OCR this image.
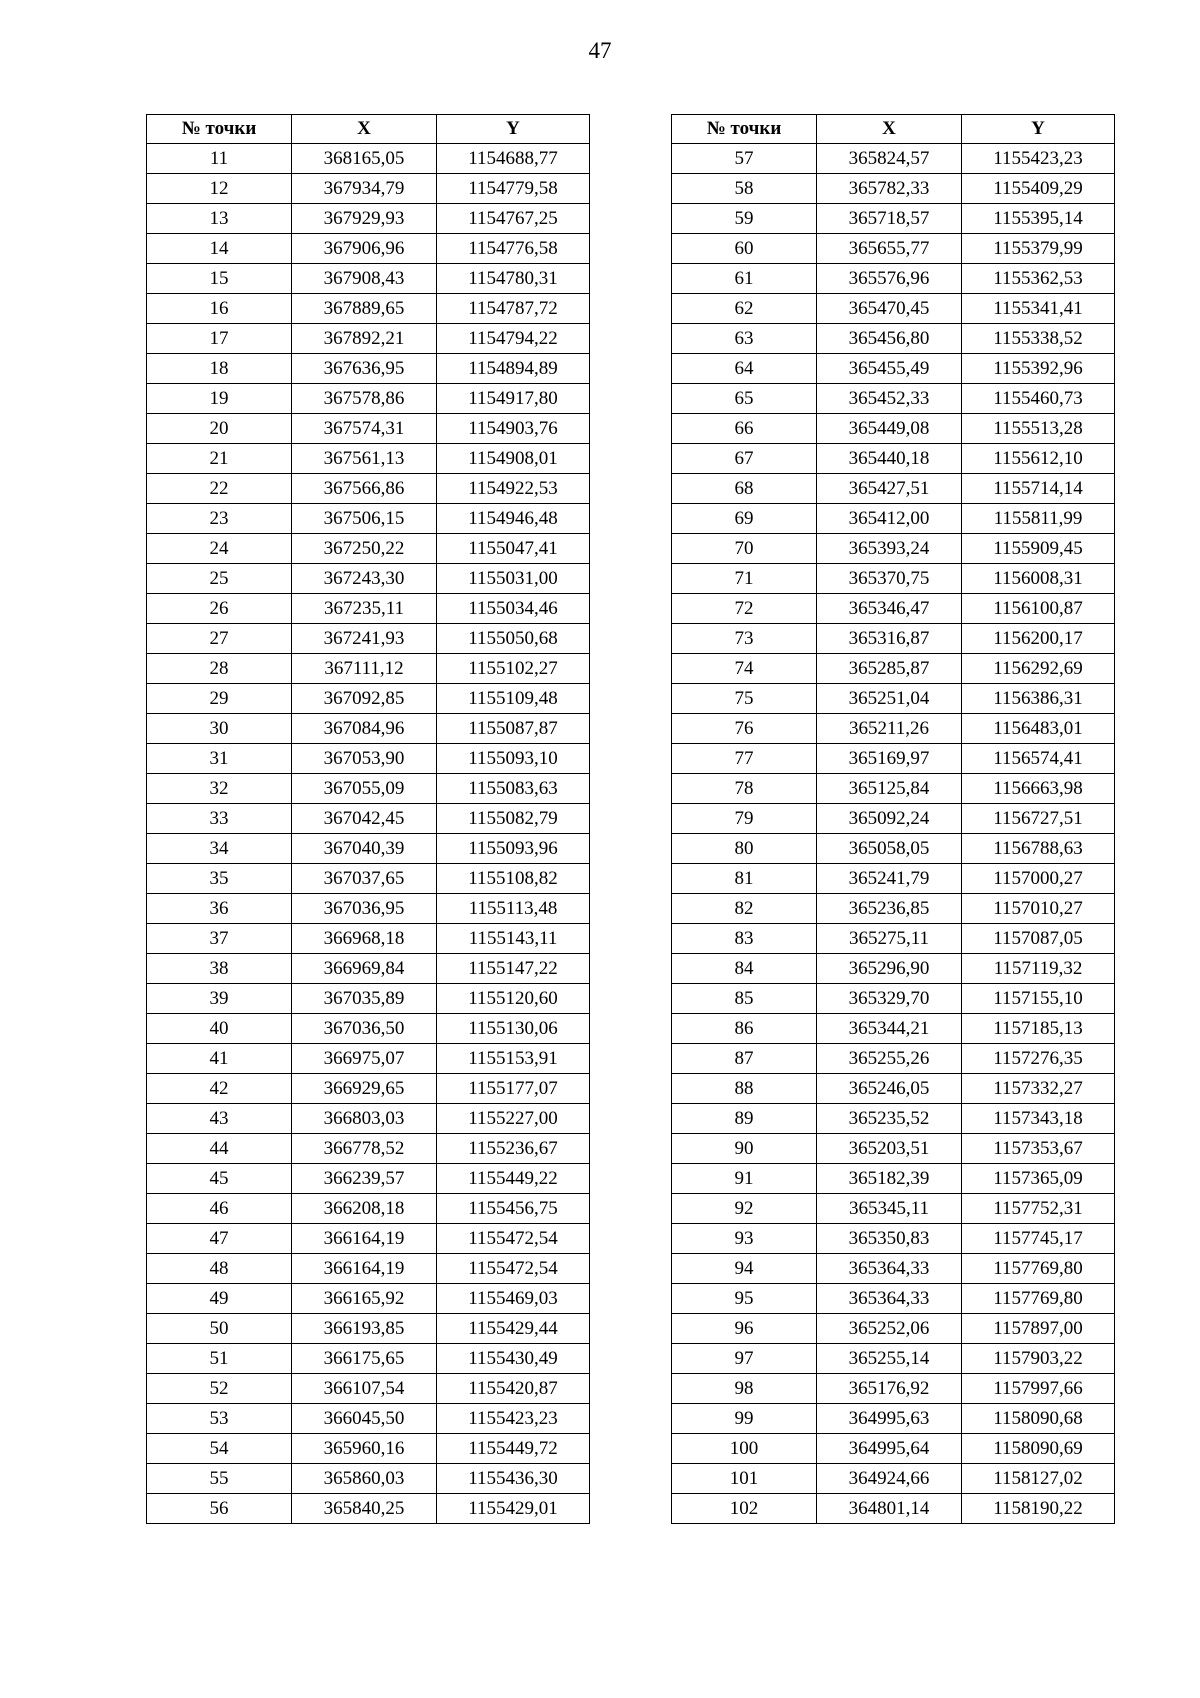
47
№ точки	X	Y
11	368165,05	1154688,77
12	367934,79	1154779,58
13	367929,93	1154767,25
14	367906,96	1154776,58
15	367908,43	1154780,31
16	367889,65	1154787,72
17	367892,21	1154794,22
18	367636,95	1154894,89
19	367578,86	1154917,80
20	367574,31	1154903,76
21	367561,13	1154908,01
22	367566,86	1154922,53
23	367506,15	1154946,48
24	367250,22	1155047,41
25	367243,30	1155031,00
26	367235,11	1155034,46
27	367241,93	1155050,68
28	367111,12	1155102,27
29	367092,85	1155109,48
30	367084,96	1155087,87
31	367053,90	1155093,10
32	367055,09	1155083,63
33	367042,45	1155082,79
34	367040,39	1155093,96
35	367037,65	1155108,82
36	367036,95	1155113,48
37	366968,18	1155143,11
38	366969,84	1155147,22
39	367035,89	1155120,60
40	367036,50	1155130,06
41	366975,07	1155153,91
42	366929,65	1155177,07
43	366803,03	1155227,00
44	366778,52	1155236,67
45	366239,57	1155449,22
46	366208,18	1155456,75
47	366164,19	1155472,54
48	366164,19	1155472,54
49	366165,92	1155469,03
50	366193,85	1155429,44
51	366175,65	1155430,49
52	366107,54	1155420,87
53	366045,50	1155423,23
54	365960,16	1155449,72
55	365860,03	1155436,30
56	365840,25	1155429,01
№ точки	X	Y
57	365824,57	1155423,23
58	365782,33	1155409,29
59	365718,57	1155395,14
60	365655,77	1155379,99
61	365576,96	1155362,53
62	365470,45	1155341,41
63	365456,80	1155338,52
64	365455,49	1155392,96
65	365452,33	1155460,73
66	365449,08	1155513,28
67	365440,18	1155612,10
68	365427,51	1155714,14
69	365412,00	1155811,99
70	365393,24	1155909,45
71	365370,75	1156008,31
72	365346,47	1156100,87
73	365316,87	1156200,17
74	365285,87	1156292,69
75	365251,04	1156386,31
76	365211,26	1156483,01
77	365169,97	1156574,41
78	365125,84	1156663,98
79	365092,24	1156727,51
80	365058,05	1156788,63
81	365241,79	1157000,27
82	365236,85	1157010,27
83	365275,11	1157087,05
84	365296,90	1157119,32
85	365329,70	1157155,10
86	365344,21	1157185,13
87	365255,26	1157276,35
88	365246,05	1157332,27
89	365235,52	1157343,18
90	365203,51	1157353,67
91	365182,39	1157365,09
92	365345,11	1157752,31
93	365350,83	1157745,17
94	365364,33	1157769,80
95	365364,33	1157769,80
96	365252,06	1157897,00
97	365255,14	1157903,22
98	365176,92	1157997,66
99	364995,63	1158090,68
100	364995,64	1158090,69
101	364924,66	1158127,02
102	364801,14	1158190,22
